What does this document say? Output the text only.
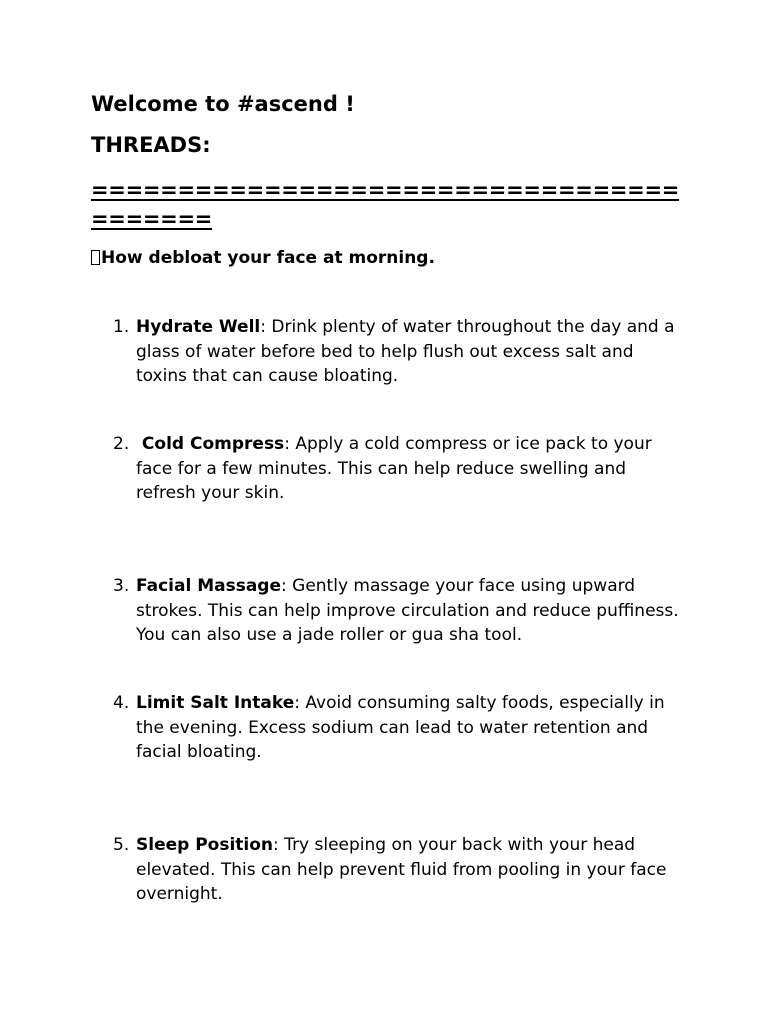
Welcome to #ascend !
THREADS:

=========================================

How debloat your face at morning.

1. Hydrate Well: Drink plenty of water throughout the day and a glass of water before bed to help flush out excess salt and toxins that can cause bloating.
2. Cold Compress: Apply a cold compress or ice pack to your face for a few minutes. This can help reduce swelling and refresh your skin.
3. Facial Massage: Gently massage your face using upward strokes. This can help improve circulation and reduce puffiness. You can also use a jade roller or gua sha tool.
4. Limit Salt Intake: Avoid consuming salty foods, especially in the evening. Excess sodium can lead to water retention and facial bloating.
5. Sleep Position: Try sleeping on your back with your head elevated. This can help prevent fluid from pooling in your face overnight.
